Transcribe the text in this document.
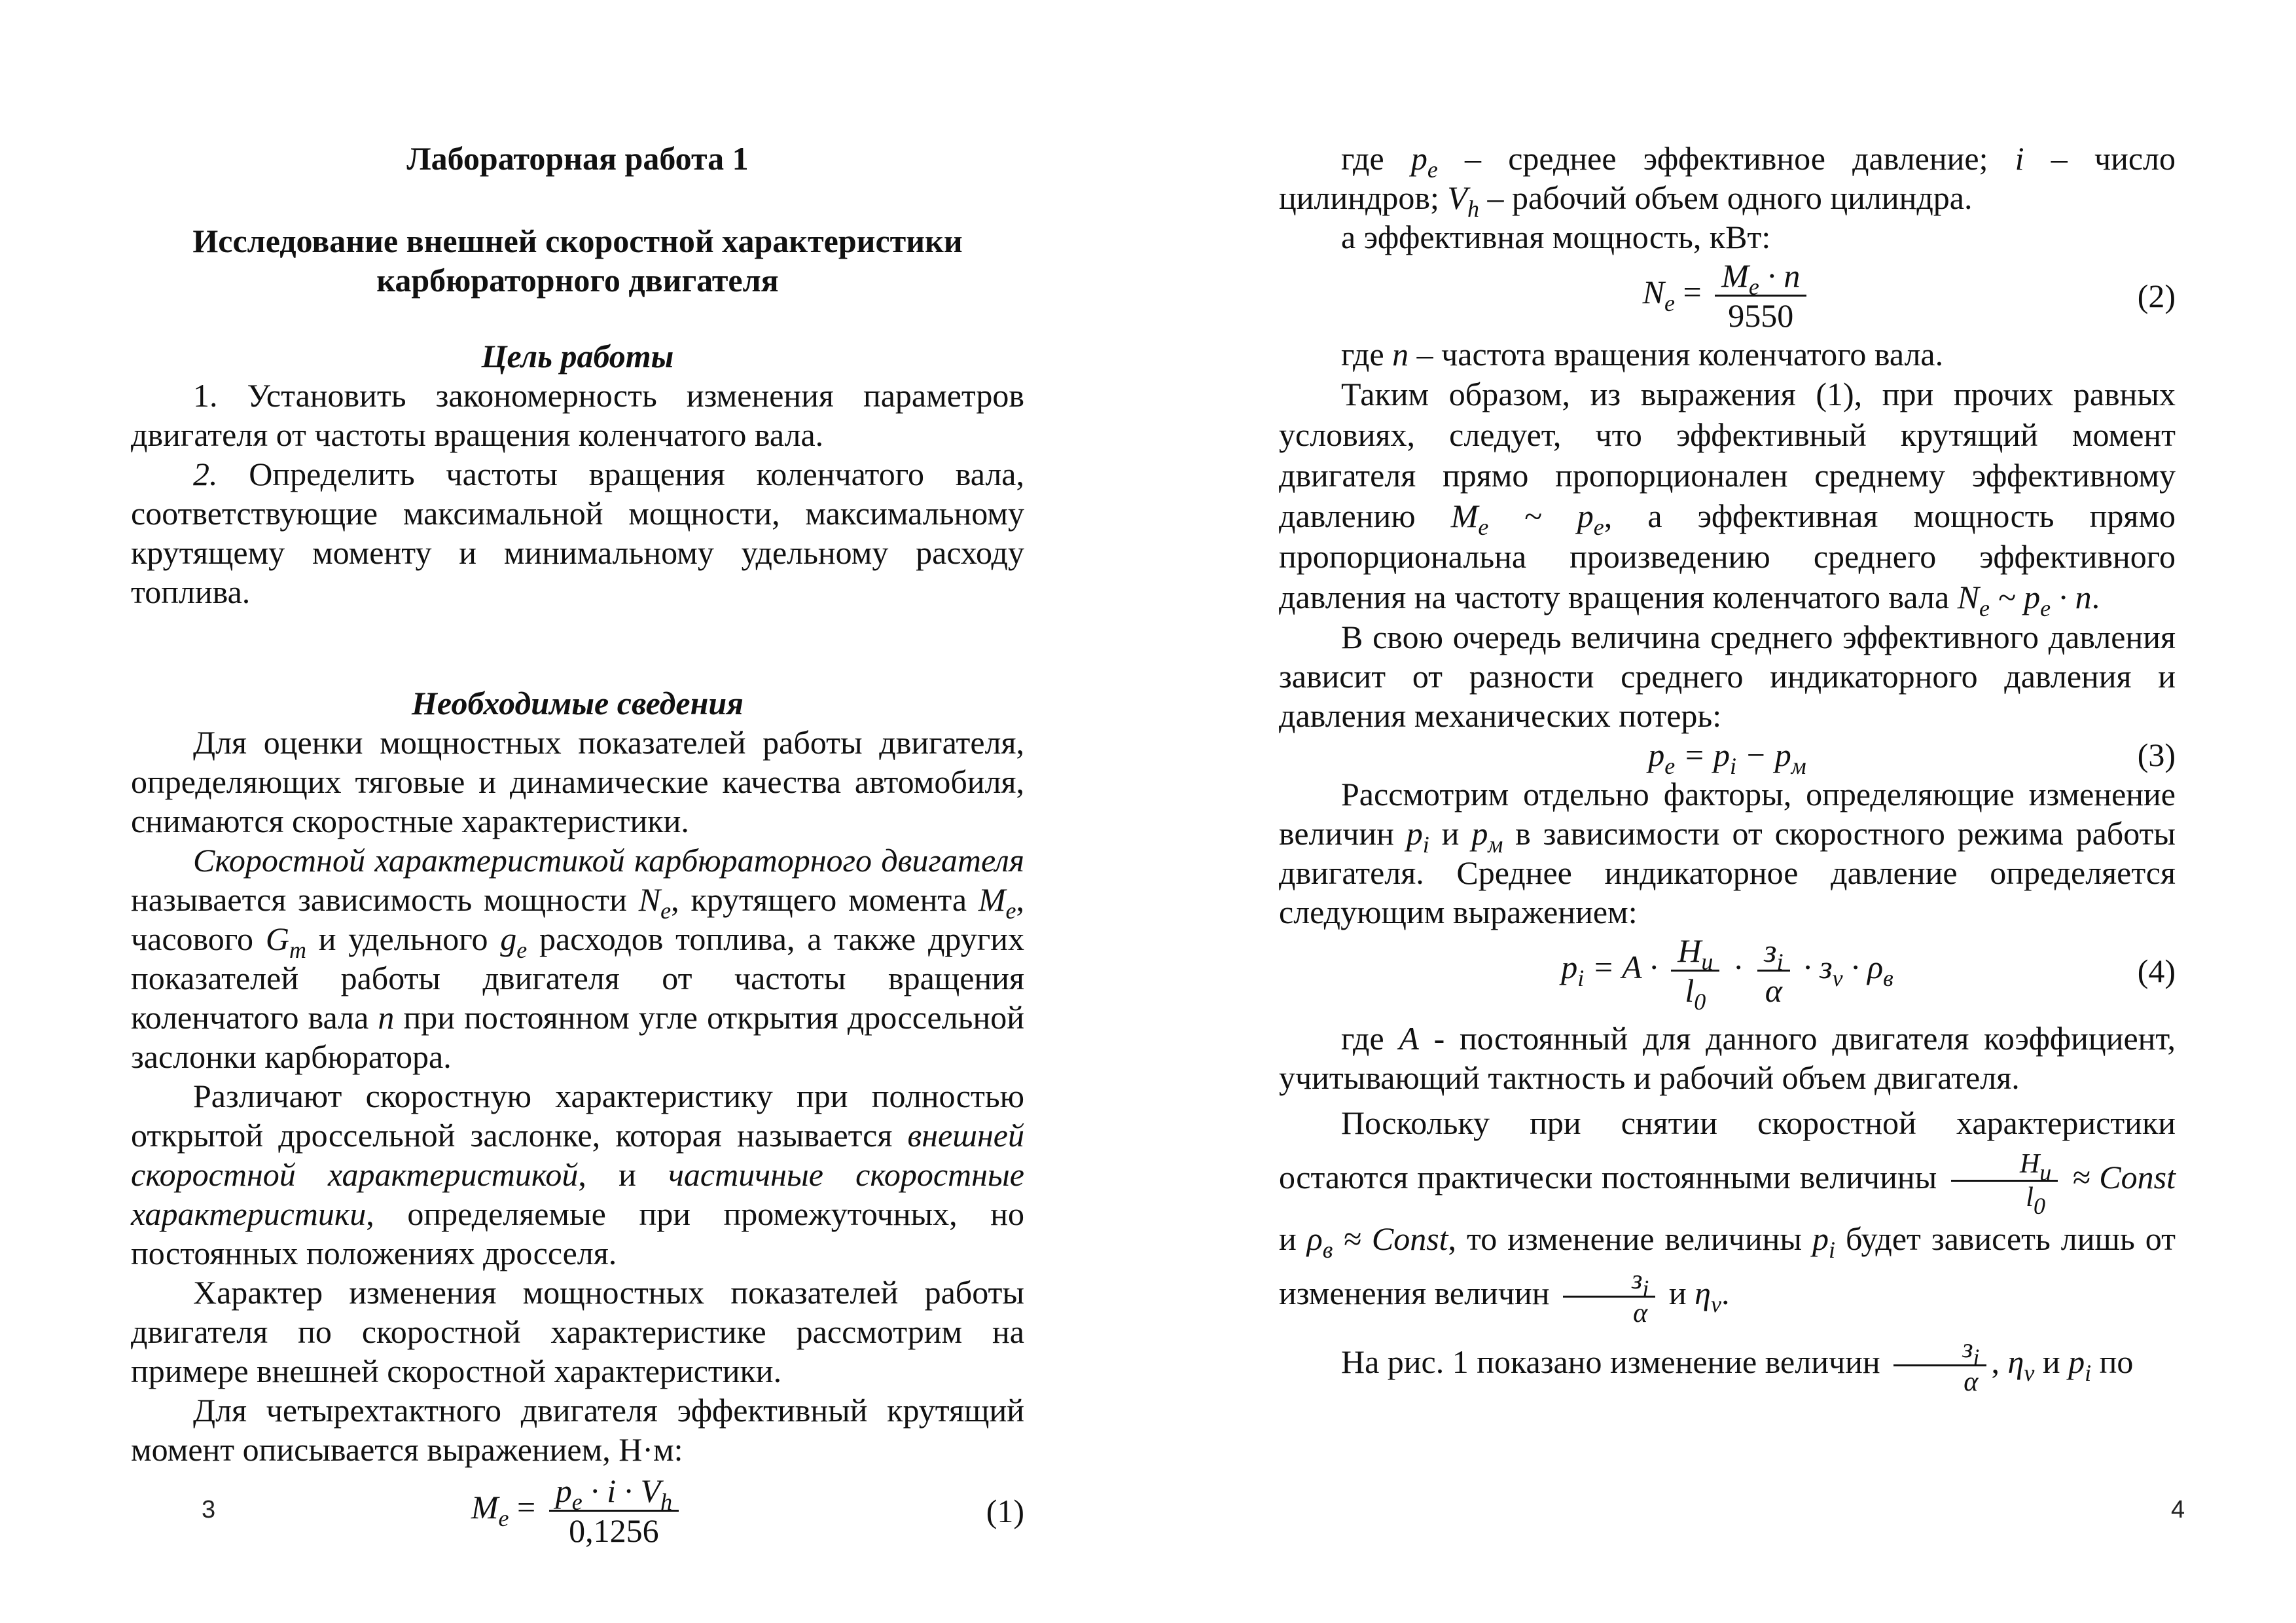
Лабораторная работа 1

Исследование внешней скоростной характеристики

карбюраторного двигателя

Цель работы

1. Установить закономерность изменения параметров двигателя от частоты вращения коленчатого вала.

2. Определить частоты вращения коленчатого вала, соответствующие максимальной мощности, максимальному крутящему моменту и минимальному удельному расходу топлива.

Необходимые сведения

Для оценки мощностных показателей работы двигателя, определяющих тяговые и динамические качества автомобиля, снимаются скоростные характеристики.

Скоростной характеристикой карбюраторного двигателя называется зависимость мощности $N_e$, крутящего момента $M_e$, часового $G_m$ и удельного $g_e$ расходов топлива, а также других показателей работы двигателя от частоты вращения коленчатого вала n при постоянном угле открытия дроссельной заслонки карбюратора.

Различают скоростную характеристику при полностью открытой дроссельной заслонке, которая называется внешней скоростной характеристикой, и частичные скоростные характеристики, определяемые при промежуточных, но постоянных положениях дросселя.

Характер изменения мощностных показателей работы двигателя по скоростной характеристике рассмотрим на примере внешней скоростной характеристики.

Для четырехтактного двигателя эффективный крутящий момент описывается выражением, Н·м:

$M_e = \frac{p_e \cdot i \cdot V_h}{0,1256}$	(1)
3

где $p_e$ – среднее эффективное давление; i – число цилиндров; $V_h$ – рабочий объем одного цилиндра.

а эффективная мощность, кВт:

$N_e = \frac{M_e \cdot n}{9550}$	(2)

где n – частота вращения коленчатого вала.

Таким образом, из выражения (1), при прочих равных условиях, следует, что эффективный крутящий момент двигателя прямо пропорционален среднему эффективному давлению $M_e$ ~ $p_e$, а эффективная мощность прямо пропорциональна произведению среднего эффективного давления на частоту вращения коленчатого вала $N_e$ ~ $p_e \cdot n$.

В свою очередь величина среднего эффективного давления зависит от разности среднего индикаторного давления и давления механических потерь:

$p_e = p_i - p_м$	(3)

Рассмотрим отдельно факторы, определяющие изменение величин $p_i$ и $p_м$ в зависимости от скоростного режима работы двигателя. Среднее индикаторное давление определяется следующим выражением:

$p_i = A \cdot \frac{H_u}{l_0} \cdot \frac{з_i}{\alpha} \cdot з_v \cdot \rho_в$	(4)

где A - постоянный для данного двигателя коэффициент, учитывающий тактность и рабочий объем двигателя.

Поскольку при снятии скоростной характеристики остаются практически постоянными величины $\frac{H_u}{l_0}$ ≈ Const и $\rho_в$ ≈ Const, то изменение величины $p_i$ будет зависеть лишь от изменения величин $\frac{з_i}{\alpha}$ и $\eta_v$.

На рис. 1 показано изменение величин $\frac{з_i}{\alpha}$ , $\eta_v$ и $p_i$ по

4
